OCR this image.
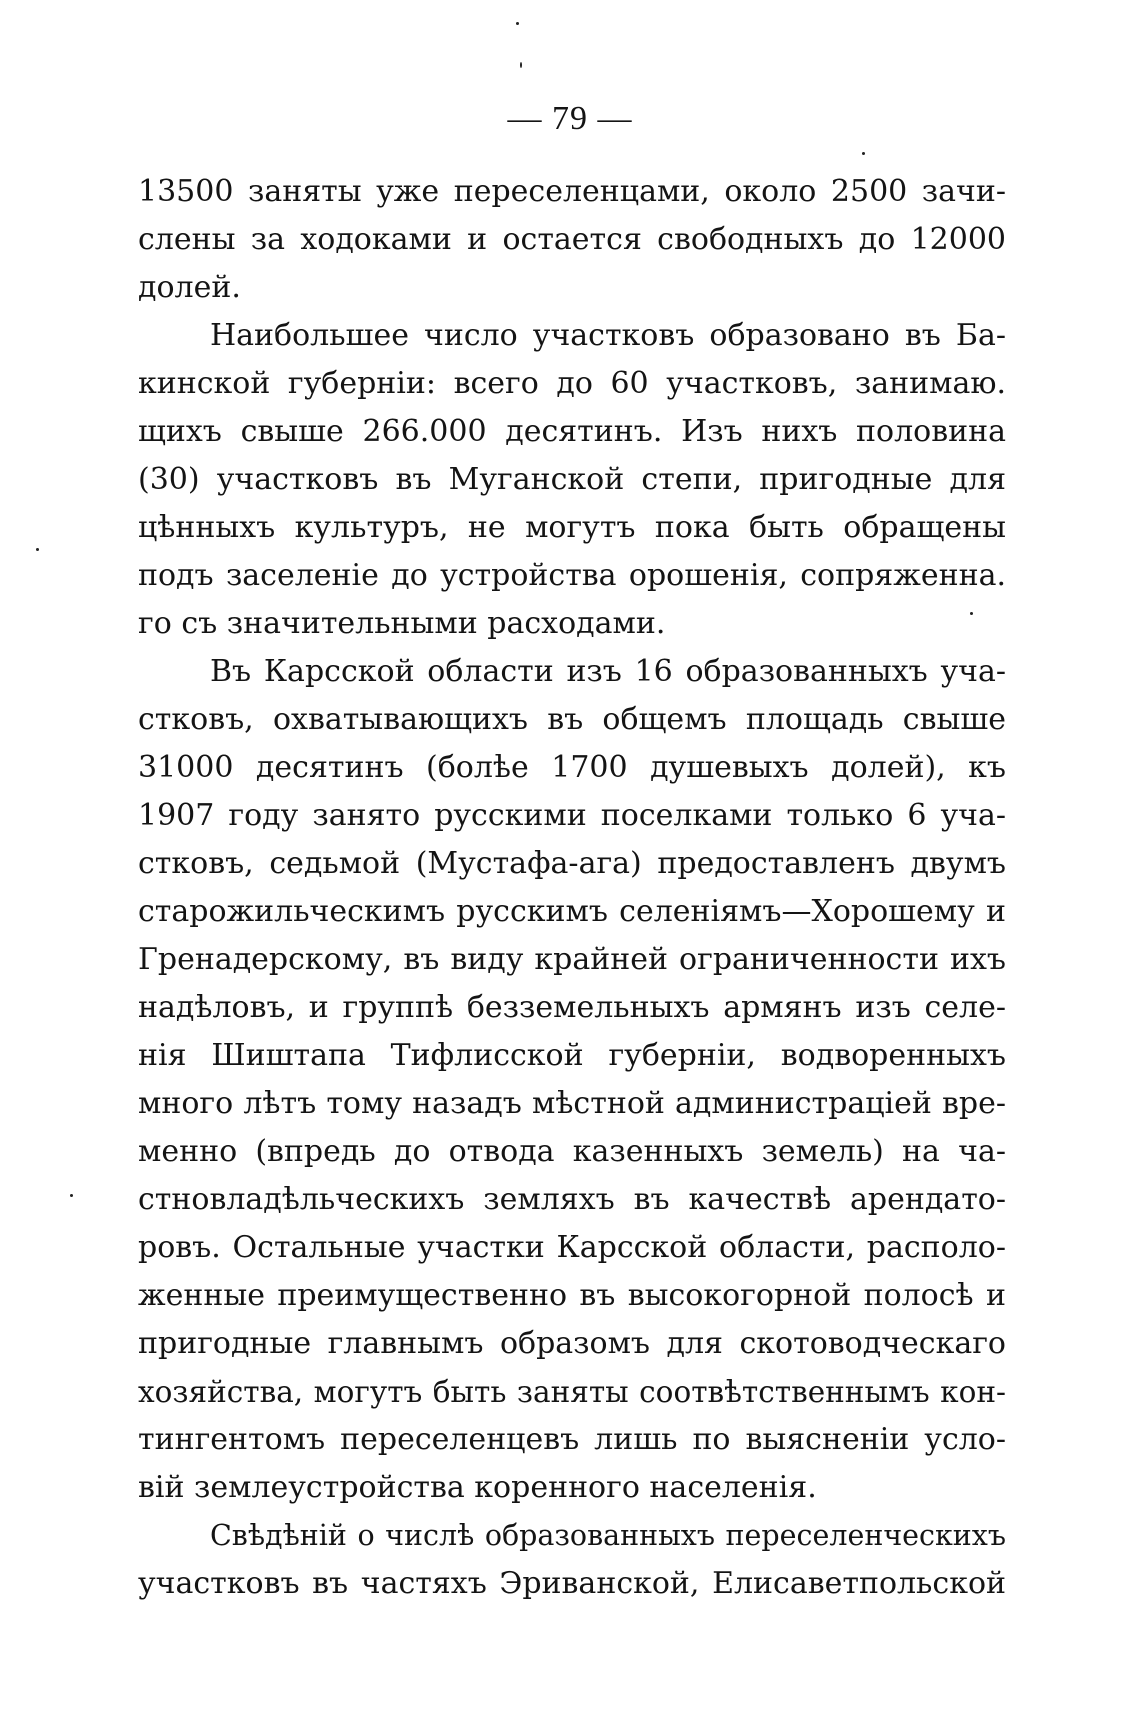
— 79 —
13500 заняты уже переселенцами, около 2500 зачи-
слены за ходоками и остается свободныхъ до 12000
долей.
Наибольшее число участковъ образовано въ Ба-
кинской губерніи: всего до 60 участковъ, занимаю.
щихъ свыше 266.000 десятинъ. Изъ нихъ половина
(30) участковъ въ Муганской степи, пригодные для
цѣнныхъ культуръ, не могутъ пока быть обращены
подъ заселеніе до устройства орошенія, сопряженна.
го съ значительными расходами.
Въ Карсской области изъ 16 образованныхъ уча-
стковъ, охватывающихъ въ общемъ площадь свыше
31000 десятинъ (болѣе 1700 душевыхъ долей), къ
1907 году занято русскими поселками только 6 уча-
стковъ, седьмой (Мустафа-ага) предоставленъ двумъ
старожильческимъ русскимъ селеніямъ—Хорошему и
Гренадерскому, въ виду крайней ограниченности ихъ
надѣловъ, и группѣ безземельныхъ армянъ изъ селе-
нія Шиштапа Тифлисской губерніи, водворенныхъ
много лѣтъ тому назадъ мѣстной администраціей вре-
менно (впредь до отвода казенныхъ земель) на ча-
стновладѣльческихъ земляхъ въ качествѣ арендато-
ровъ. Остальные участки Карсской области, располо-
женные преимущественно въ высокогорной полосѣ и
пригодные главнымъ образомъ для скотоводческаго
хозяйства, могутъ быть заняты соотвѣтственнымъ кон-
тингентомъ переселенцевъ лишь по выясненіи усло-
вій землеустройства коренного населенія.
Свѣдѣній о числѣ образованныхъ переселенческихъ
участковъ въ частяхъ Эриванской, Елисаветпольской
